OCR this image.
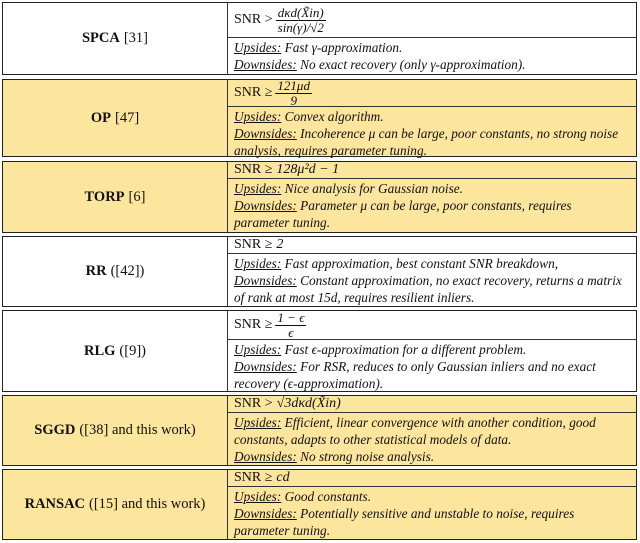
SPCA [31]
SNR > $\frac{\text{dκd(X̃in)}}{\sin(\gamma)/√2}$
Upsides: Fast γ-approximation.
Downsides: No exact recovery (only γ-approximation).
OP [47]
SNR ≥ $\frac{121\mu d}{9}$
Upsides: Convex algorithm.
Downsides: Incoherence μ can be large, poor constants, no strong noise analysis, requires parameter tuning.
TORP [6]
SNR ≥ 128μ²d − 1
Upsides: Nice analysis for Gaussian noise.
Downsides: Parameter μ can be large, poor constants, requires parameter tuning.
RR ([42])
SNR ≥ 2
Upsides: Fast approximation, best constant SNR breakdown,
Downsides: Constant approximation, no exact recovery, returns a matrix of rank at most 15d, requires resilient inliers.
RLG ([9])
SNR ≥ $\frac{1 - \epsilon}{\epsilon}$
Upsides: Fast ϵ-approximation for a different problem.
Downsides: For RSR, reduces to only Gaussian inliers and no exact recovery (ϵ-approximation).
SGGD ([38] and this work)
SNR > √3dκd(X̃in)
Upsides: Efficient, linear convergence with another condition, good constants, adapts to other statistical models of data.
Downsides: No strong noise analysis.
RANSAC ([15] and this work)
SNR ≥ cd
Upsides: Good constants.
Downsides: Potentially sensitive and unstable to noise, requires parameter tuning.
